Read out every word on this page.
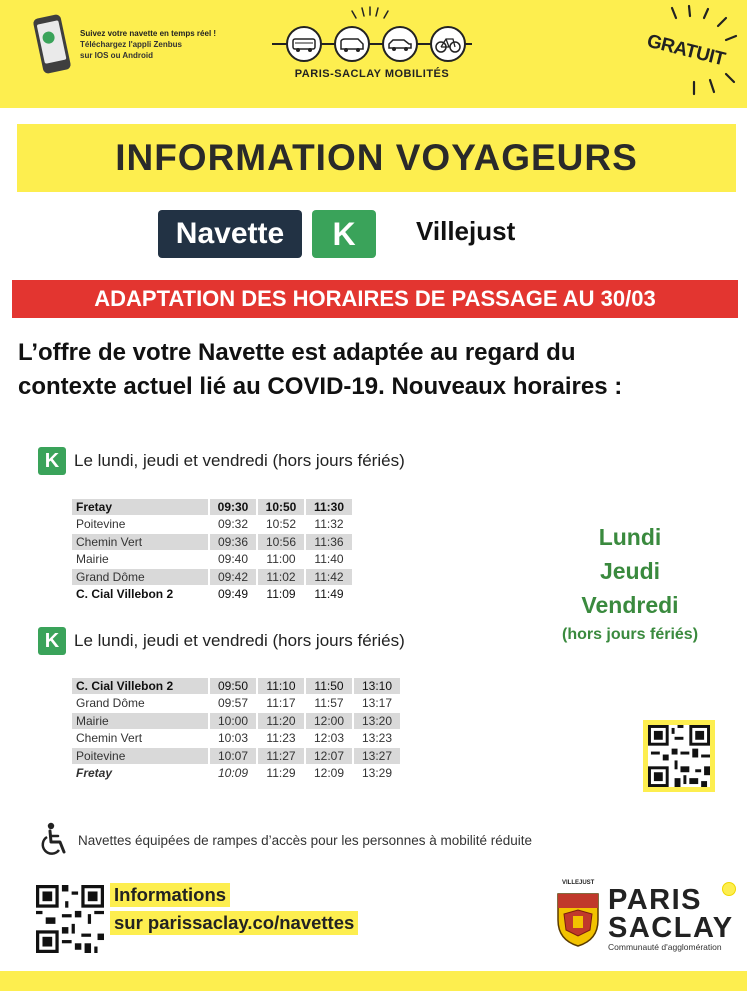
Suivez votre navette en temps réel !
Téléchargez l'appli Zenbus
sur IOS ou Android
PARIS-SACLAY MOBILITÉS
GRATUIT
INFORMATION VOYAGEURS
Navette	K	Villejust
ADAPTATION DES HORAIRES DE PASSAGE AU 30/03
L’offre de votre Navette est adaptée au regard du
contexte actuel lié au COVID-19. Nouveaux horaires :
K Le lundi, jeudi et vendredi (hors jours fériés)
Fretay	09:30	10:50	11:30
Poitevine	09:32	10:52	11:32
Chemin Vert	09:36	10:56	11:36
Mairie	09:40	11:00	11:40
Grand Dôme	09:42	11:02	11:42
C. Cial Villebon 2	09:49	11:09	11:49
K Le lundi, jeudi et vendredi (hors jours fériés)
C. Cial Villebon 2	09:50	11:10	11:50	13:10
Grand Dôme	09:57	11:17	11:57	13:17
Mairie	10:00	11:20	12:00	13:20
Chemin Vert	10:03	11:23	12:03	13:23
Poitevine	10:07	11:27	12:07	13:27
Fretay	10:09	11:29	12:09	13:29
Lundi
Jeudi
Vendredi
(hors jours fériés)
Navettes équipées de rampes d’accès pour les personnes à mobilité réduite
Informations
sur parissaclay.co/navettes
VILLEJUST
PARIS
SACLAY
Communauté d'agglomération
